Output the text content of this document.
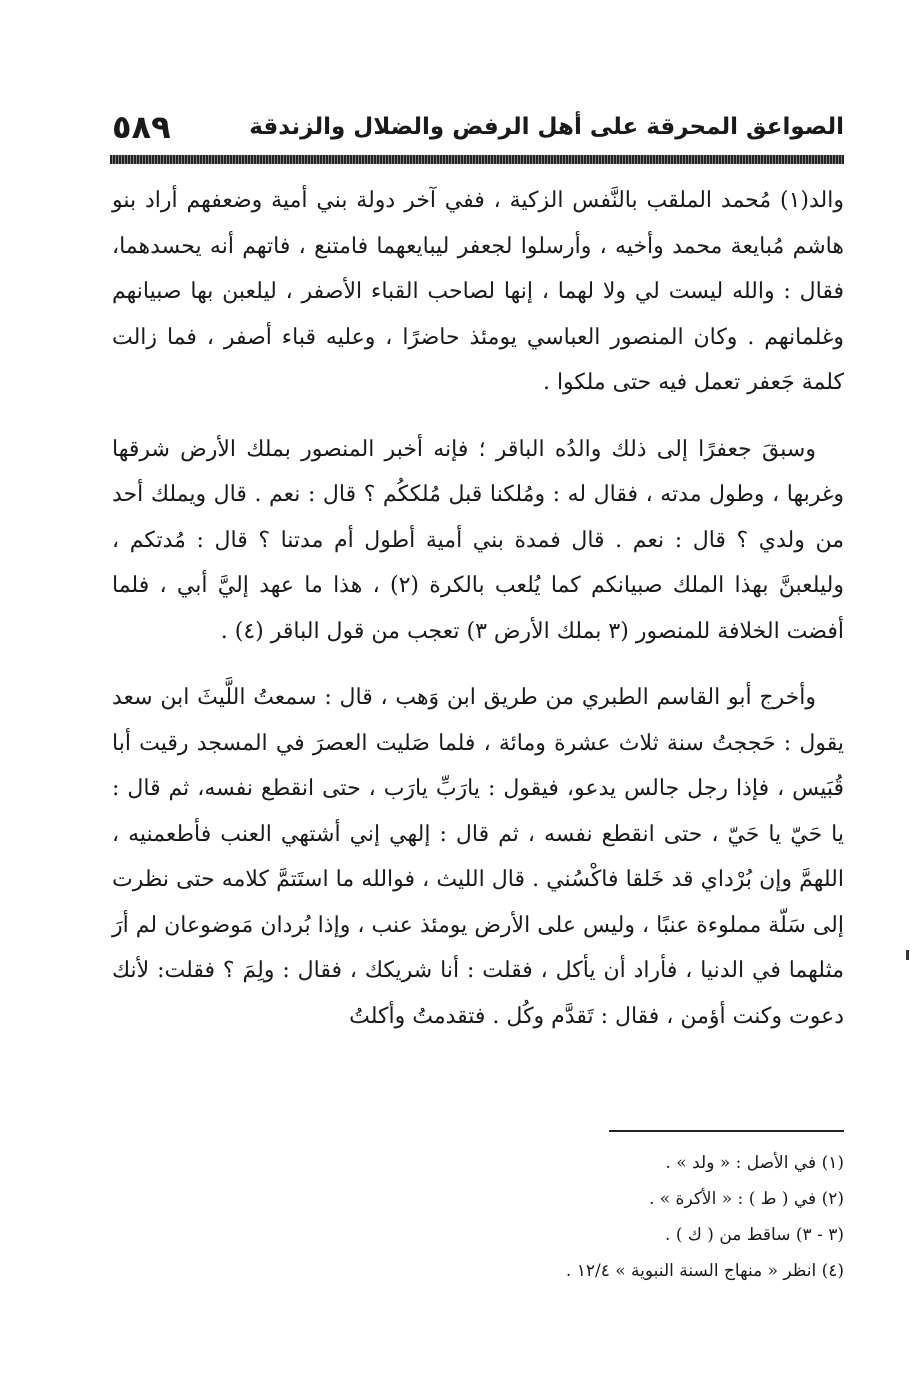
الصواعق المحرقة على أهل الرفض والضلال والزندقة
٥٨٩

والد(١) مُحمد الملقب بالنَّفس الزكية ، ففي آخر دولة بني أمية وضعفهم أراد بنو هاشم مُبايعة محمد وأخيه ، وأرسلوا لجعفر ليبايعهما فامتنع ، فاتهم أنه يحسدهما، فقال : والله ليست لي ولا لهما ، إنها لصاحب القباء الأصفر ، ليلعبن بها صبيانهم وغلمانهم . وكان المنصور العباسي يومئذ حاضرًا ، وعليه قباء أصفر ، فما زالت كلمة جَعفر تعمل فيه حتى ملكوا .

وسبقَ جعفرًا إلى ذلك والدُه الباقر ؛ فإنه أخبر المنصور بملك الأرض شرقها وغربها ، وطول مدته ، فقال له : ومُلكنا قبل مُلككُم ؟ قال : نعم . قال ويملك أحد من ولدي ؟ قال : نعم . قال فمدة بني أمية أطول أم مدتنا ؟ قال : مُدتكم ، وليلعبنَّ بهذا الملك صبيانكم كما يُلعب بالكرة (٢) ، هذا ما عهد إليَّ أبي ، فلما أفضت الخلافة للمنصور (٣ بملك الأرض ٣) تعجب من قول الباقر (٤) .

وأخرج أبو القاسم الطبري من طريق ابن وَهب ، قال : سمعتُ اللَّيثَ ابن سعد يقول : حَججتُ سنة ثلاث عشرة ومائة ، فلما صَليت العصرَ في المسجد رقيت أبا قُبَيس ، فإذا رجل جالس يدعو، فيقول : يارَبِّ يارَب ، حتى انقطع نفسه، ثم قال : يا حَيّ يا حَيّ ، حتى انقطع نفسه ، ثم قال : إلهي إني أشتهي العنب فأطعمنيه ، اللهمَّ وإن بُرْداي قد خَلقا فاكْسُني . قال الليث ، فوالله ما استَتمَّ كلامه حتى نظرت إلى سَلّة مملوءة عنبًا ، وليس على الأرض يومئذ عنب ، وإذا بُردان مَوضوعان لم أرَ مثلهما في الدنيا ، فأراد أن يأكل ، فقلت : أنا شريكك ، فقال : ولِمَ ؟ فقلت: لأنك دعوت وكنت أؤمن ، فقال : تَقدَّم وكُل . فتقدمتُ وأكلتُ

(١) في الأصل : « ولد » .

(٢) في ( ط ) : « الأكرة » .

(٣ - ٣) ساقط من ( ك ) .

(٤) انظر « منهاج السنة النبوية » ١٢/٤ .
